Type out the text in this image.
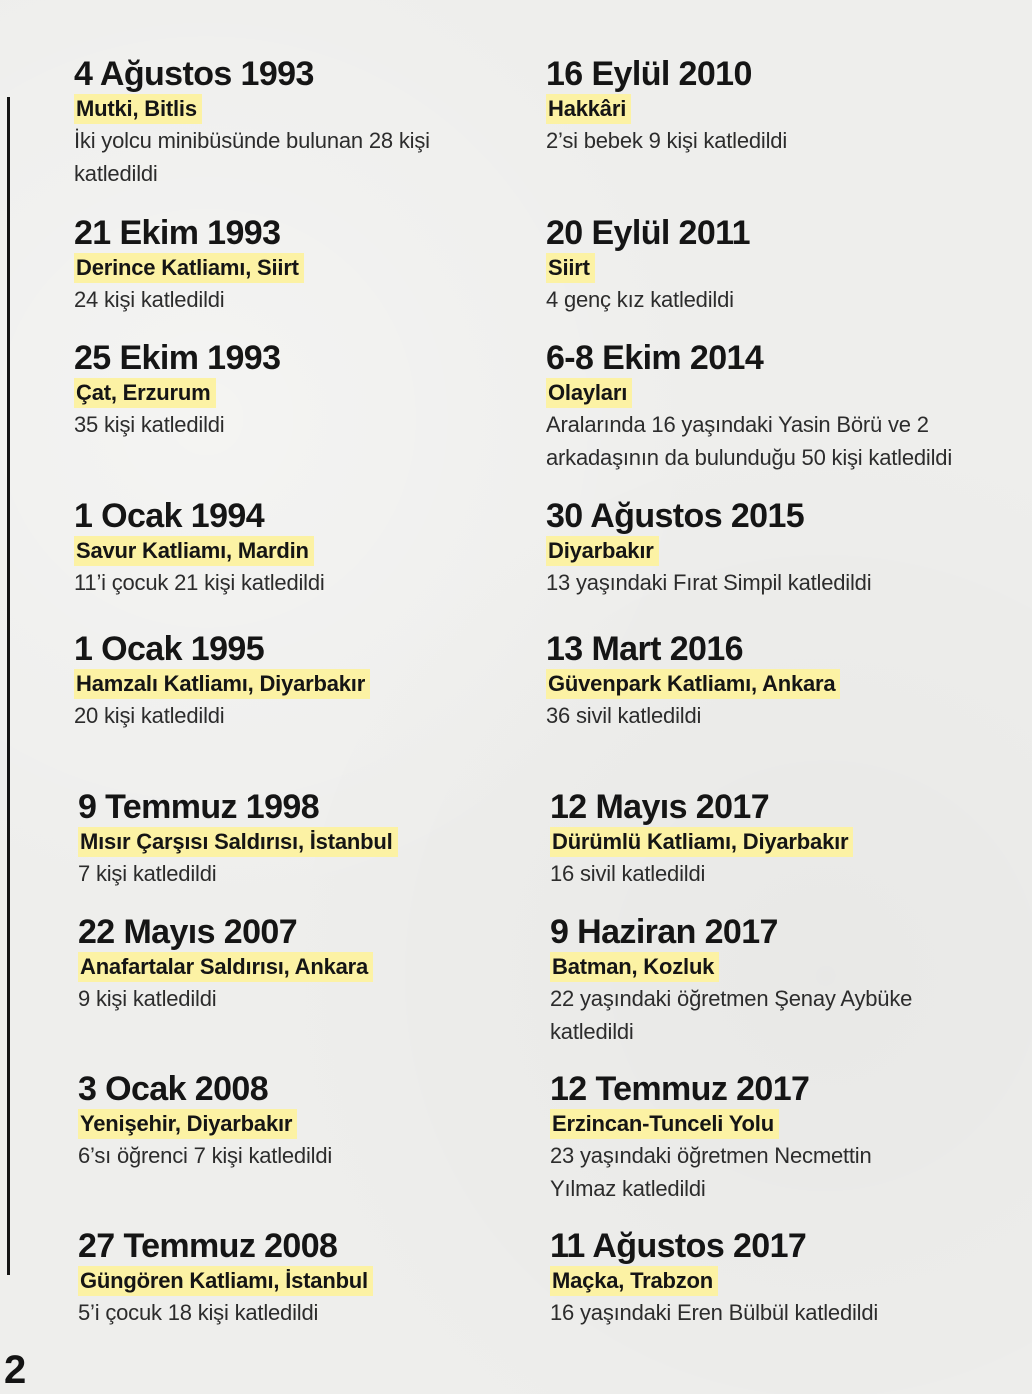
4 Ağustos 1993
Mutki, Bitlis
İki yolcu minibüsünde bulunan 28 kişi katledildi
21 Ekim 1993
Derince Katliamı, Siirt
24 kişi katledildi
25 Ekim 1993
Çat, Erzurum
35 kişi katledildi
1 Ocak 1994
Savur Katliamı, Mardin
11’i çocuk 21 kişi katledildi
1 Ocak 1995
Hamzalı Katliamı, Diyarbakır
20 kişi katledildi
9 Temmuz 1998
Mısır Çarşısı Saldırısı, İstanbul
7 kişi katledildi
22 Mayıs 2007
Anafartalar Saldırısı, Ankara
9 kişi katledildi
3 Ocak 2008
Yenişehir, Diyarbakır
6’sı öğrenci 7 kişi katledildi
27 Temmuz 2008
Güngören Katliamı, İstanbul
5’i çocuk 18 kişi katledildi
16 Eylül 2010
Hakkâri
2’si bebek 9 kişi katledildi
20 Eylül 2011
Siirt
4 genç kız katledildi
6-8 Ekim 2014
Olayları
Aralarında 16 yaşındaki Yasin Börü ve 2 arkadaşının da bulunduğu 50 kişi katledildi
30 Ağustos 2015
Diyarbakır
13 yaşındaki Fırat Simpil katledildi
13 Mart 2016
Güvenpark Katliamı, Ankara
36 sivil katledildi
12 Mayıs 2017
Dürümlü Katliamı, Diyarbakır
16 sivil katledildi
9 Haziran 2017
Batman, Kozluk
22 yaşındaki öğretmen Şenay Aybüke katledildi
12 Temmuz 2017
Erzincan-Tunceli Yolu
23 yaşındaki öğretmen Necmettin Yılmaz katledildi
11 Ağustos 2017
Maçka, Trabzon
16 yaşındaki Eren Bülbül katledildi
2
